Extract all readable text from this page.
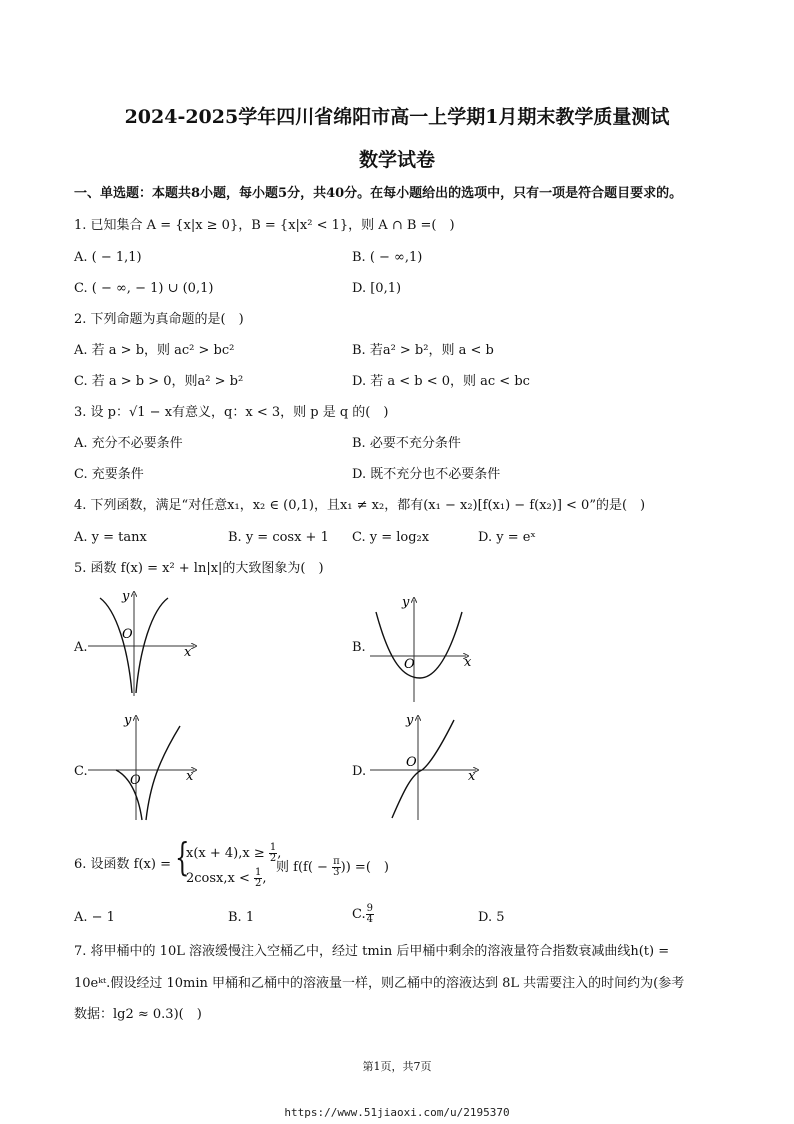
2024-2025学年四川省绵阳市高一上学期1月期末教学质量测试
数学试卷
一、单选题：本题共8小题，每小题5分，共40分。在每小题给出的选项中，只有一项是符合题目要求的。
1. 已知集合 A = {x|x ≥ 0}，B = {x|x² < 1}，则 A ∩ B =(　)
A. ( − 1,1)	B. ( − ∞,1)
C. ( − ∞, − 1) ∪ (0,1)	D. [0,1)
2. 下列命题为真命题的是(　)
A. 若 a > b，则 ac² > bc²	B. 若a² > b²，则 a < b
C. 若 a > b > 0，则a² > b²	D. 若 a < b < 0，则 ac < bc
3. 设 p：√1 − x有意义，q：x < 3，则 p 是 q 的(　)
A. 充分不必要条件	B. 必要不充分条件
C. 充要条件	D. 既不充分也不必要条件
4. 下列函数，满足“对任意x₁，x₂ ∈ (0,1)，且x₁ ≠ x₂，都有(x₁ − x₂)[f(x₁) − f(x₂)] < 0”的是(　)
A. y = tanx	B. y = cosx + 1 C. y = log₂x	D. y = eˣ
5. 函数 f(x) = x² + ln|x|的大致图象为(　)
A.
y
x
O
B.
y
x
O
C.
y
x
O
D.
y
x
O
6. 设函数 f(x) = {
$x(x + 4),x \ge \frac{1}{2}$ ,
$2\cos x,x < \frac{1}{2}$ ,
则 $f(f( - \frac{\pi}{3}$ )) =(　)
A. − 1	B. 1	C. $\frac{9}{4}$	D. 5
7. 将甲桶中的 10L 溶液缓慢注入空桶乙中，经过 tmin 后甲桶中剩余的溶液量符合指数衰减曲线h(t) =
10eᵏᵗ.假设经过 10min 甲桶和乙桶中的溶液量一样，则乙桶中的溶液达到 8L 共需要注入的时间约为(参考
数据：lg2 ≈ 0.3)(　)
第1页，共7页
https://www.51jiaoxi.com/u/2195370
